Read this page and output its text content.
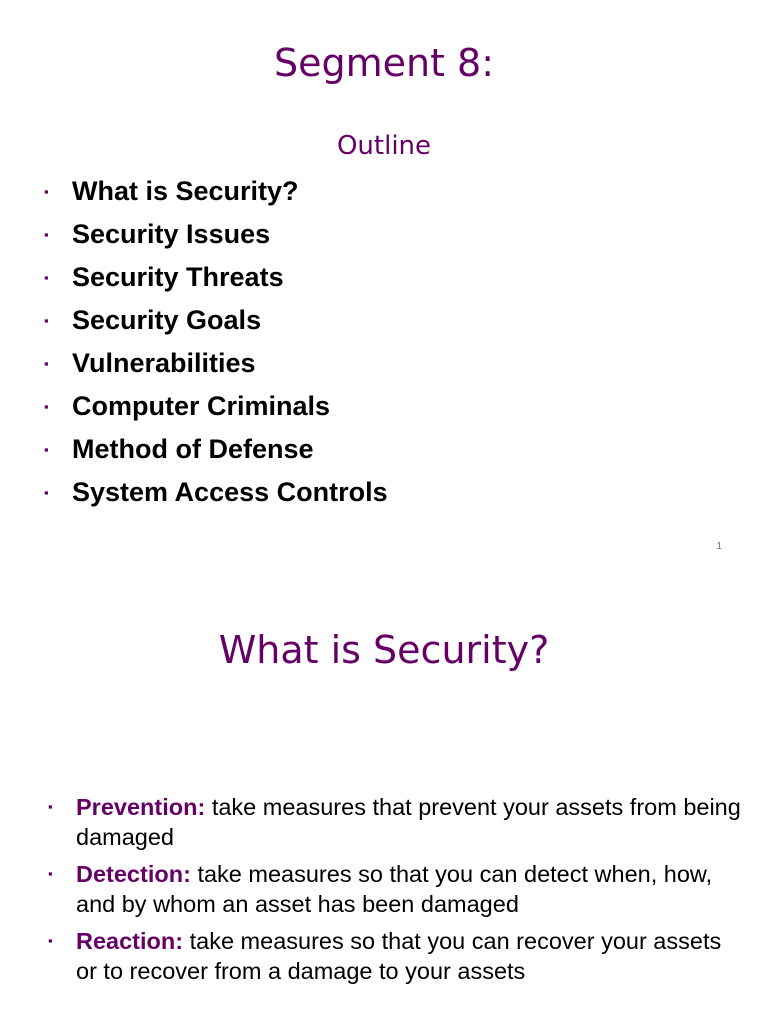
Segment 8:
Outline
▪ What is Security?
▪ Security Issues
▪ Security Threats
▪ Security Goals
▪ Vulnerabilities
▪ Computer Criminals
▪ Method of Defense
▪ System Access Controls
1
What is Security?
▪ Prevention: take measures that prevent your assets from being damaged
▪ Detection: take measures so that you can detect when, how, and by whom an asset has been damaged
▪ Reaction: take measures so that you can recover your assets or to recover from a damage to your assets
